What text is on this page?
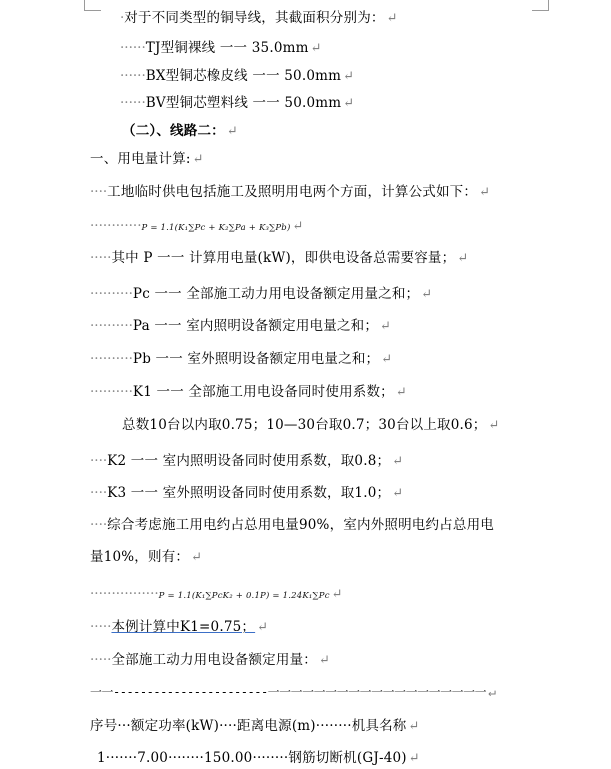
·对于不同类型的铜导线，其截面积分别为： ↵
······TJ型铜裸线 一一 35.0mm ↵
······BX型铜芯橡皮线 一一 50.0mm ↵
······BV型铜芯塑料线 一一 50.0mm ↵
（二）、线路二： ↵
一、用电量计算: ↵
····工地临时供电包括施工及照明用电两个方面，计算公式如下： ↵
············P = 1.1(K₁∑Pc + K₂∑Pa + K₃∑Pb) ↵
·····其中 P 一一 计算用电量(kW)，即供电设备总需要容量； ↵
··········Pc 一一 全部施工动力用电设备额定用量之和； ↵
··········Pa 一一 室内照明设备额定用电量之和； ↵
··········Pb 一一 室外照明设备额定用电量之和； ↵
··········K1 一一 全部施工用电设备同时使用系数； ↵
总数10台以内取0.75；10—30台取0.7；30台以上取0.6； ↵
····K2 一一 室内照明设备同时使用系数，取0.8； ↵
····K3 一一 室外照明设备同时使用系数，取1.0； ↵
····综合考虑施工用电约占总用电量90%，室内外照明电约占总用电
量10%，则有： ↵
················P = 1.1(K₁∑PcK₂ + 0.1P) = 1.24K₁∑Pc ↵
·····本例计算中K1=0.75； ↵
·····全部施工动力用电设备额定用量： ↵
一一-----------------------一一一一一一一一一一一一一一一一一一一 ↵
序号···额定功率(kW)····距离电源(m)········机具名称 ↵
1·······7.00········150.00········钢筋切断机(GJ-40) ↵
